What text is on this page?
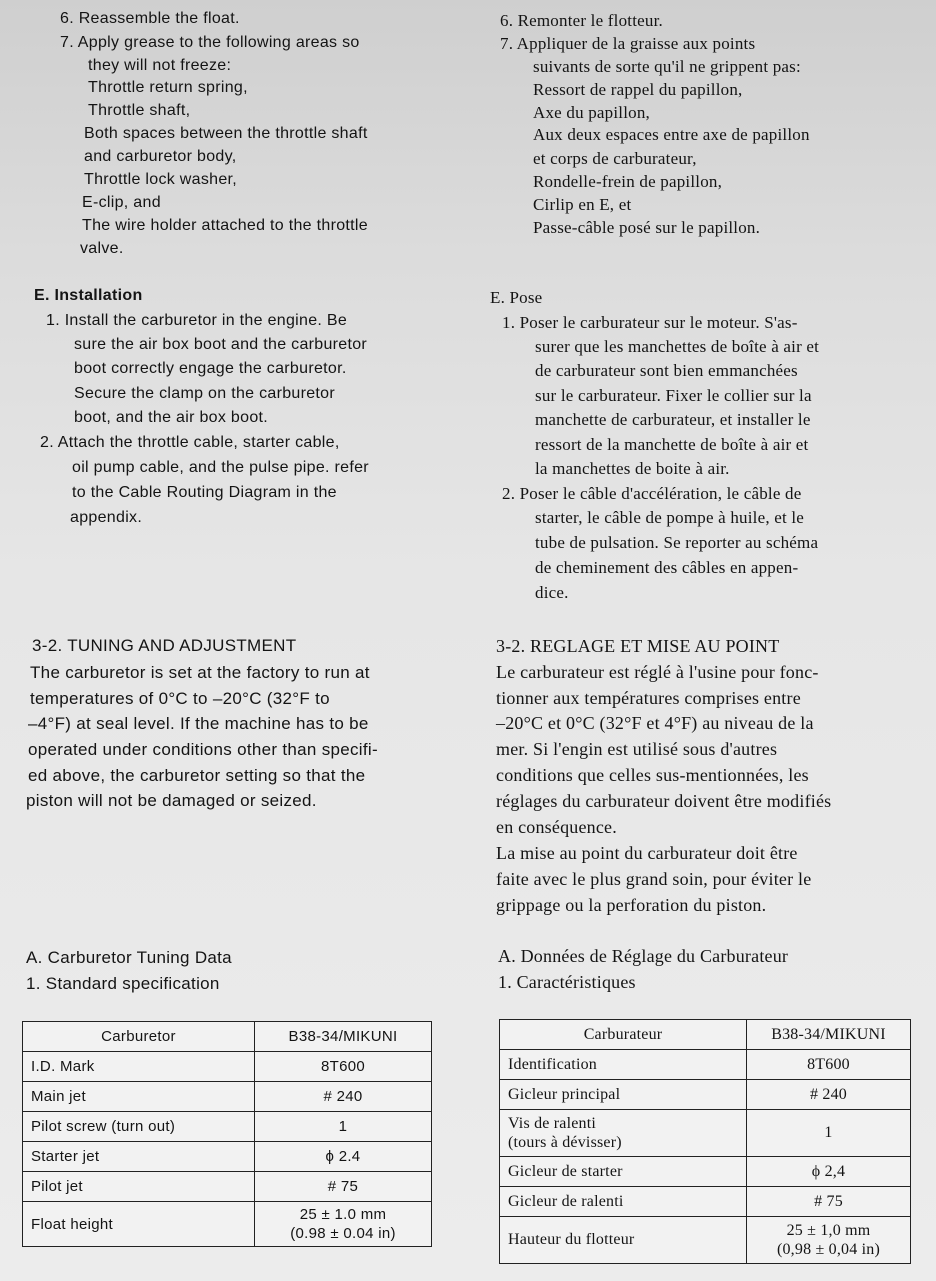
6. Reassemble the float.
7. Apply grease to the following areas so
they will not freeze:
Throttle return spring,
Throttle shaft,
Both spaces between the throttle shaft
and carburetor body,
Throttle lock washer,
E-clip, and
The wire holder attached to the throttle
valve.
E. Installation
1. Install the carburetor in the engine. Be
sure the air box boot and the carburetor
boot correctly engage the carburetor.
Secure the clamp on the carburetor
boot, and the air box boot.
2. Attach the throttle cable, starter cable,
oil pump cable, and the pulse pipe. refer
to the Cable Routing Diagram in the
appendix.
3-2. TUNING AND ADJUSTMENT
The carburetor is set at the factory to run at
temperatures of 0°C to –20°C (32°F to
–4°F) at seal level. If the machine has to be
operated under conditions other than specifi-
ed above, the carburetor setting so that the
piston will not be damaged or seized.
A. Carburetor Tuning Data
1. Standard specification
Carburetor	B38-34/MIKUNI
I.D. Mark	8T600
Main jet	# 240
Pilot screw (turn out)	1
Starter jet	ϕ 2.4
Pilot jet	# 75
Float height	25 ± 1.0 mm
(0.98 ± 0.04 in)
6. Remonter le flotteur.
7. Appliquer de la graisse aux points
suivants de sorte qu'il ne grippent pas:
Ressort de rappel du papillon,
Axe du papillon,
Aux deux espaces entre axe de papillon
et corps de carburateur,
Rondelle-frein de papillon,
Cirlip en E, et
Passe-câble posé sur le papillon.
E. Pose
1. Poser le carburateur sur le moteur. S'as-
surer que les manchettes de boîte à air et
de carburateur sont bien emmanchées
sur le carburateur. Fixer le collier sur la
manchette de carburateur, et installer le
ressort de la manchette de boîte à air et
la manchettes de boite à air.
2. Poser le câble d'accélération, le câble de
starter, le câble de pompe à huile, et le
tube de pulsation. Se reporter au schéma
de cheminement des câbles en appen-
dice.
3-2. REGLAGE ET MISE AU POINT
Le carburateur est réglé à l'usine pour fonc-
tionner aux températures comprises entre
–20°C et 0°C (32°F et 4°F) au niveau de la
mer. Si l'engin est utilisé sous d'autres
conditions que celles sus-mentionnées, les
réglages du carburateur doivent être modifiés
en conséquence.
La mise au point du carburateur doit être
faite avec le plus grand soin, pour éviter le
grippage ou la perforation du piston.
A. Données de Réglage du Carburateur
1. Caractéristiques
Carburateur	B38-34/MIKUNI
Identification	8T600
Gicleur principal	# 240

Vis de ralenti
(tours à dévisser)	1
Gicleur de starter	ϕ 2,4
Gicleur de ralenti	# 75
Hauteur du flotteur	25 ± 1,0 mm
(0,98 ± 0,04 in)
